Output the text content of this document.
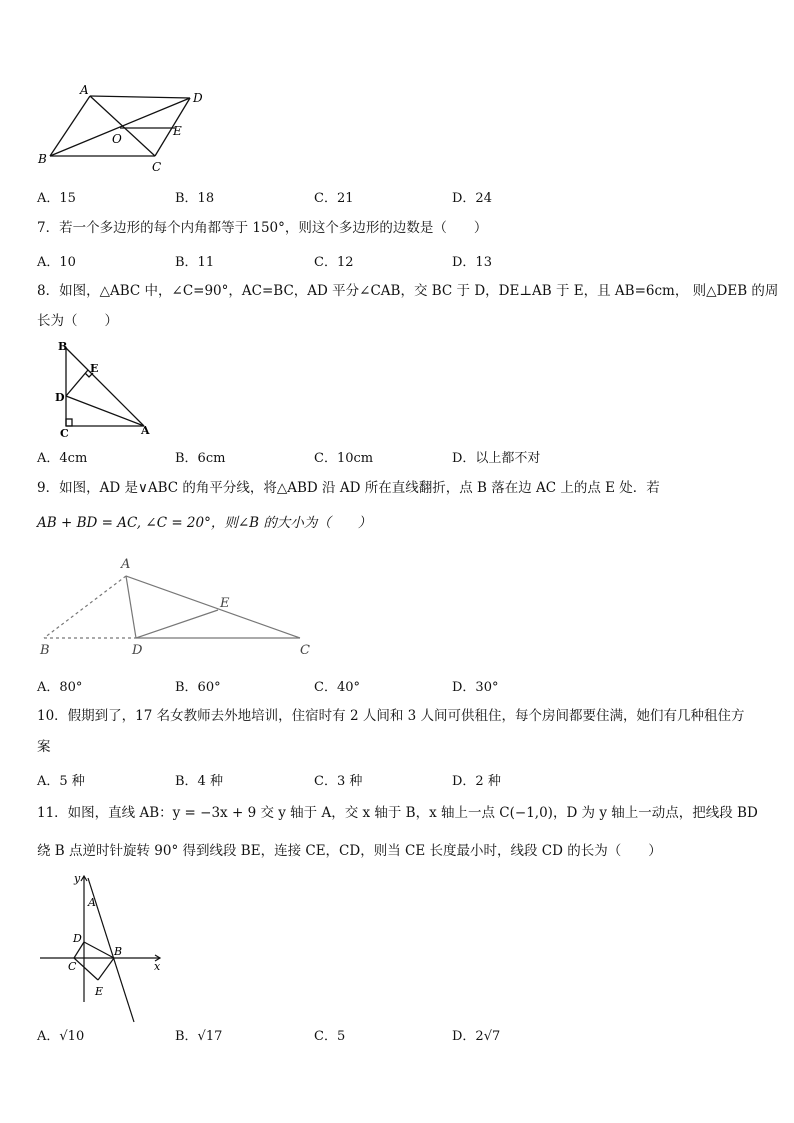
A
D
O
E
B
C
A．15	B．18	C．21	D．24
7．若一个多边形的每个内角都等于 150°，则这个多边形的边数是（　　）
A．10	B．11	C．12	D．13
8．如图，△ABC 中，∠C=90°，AC=BC，AD 平分∠CAB，交 BC 于 D，DE⊥AB 于 E，且 AB=6cm， 则△DEB 的周
长为（　　）
B
E
D
C	A
A．4cm	B．6cm	C．10cm	D．以上都不对
9．如图，AD 是∨ABC 的角平分线，将△ABD 沿 AD 所在直线翻折，点 B 落在边 AC 上的点 E 处．若
AB + BD = AC, ∠C = 20°，则∠B 的大小为（　　）
A
E
B	D	C
A．80°	B．60°	C．40°	D．30°
10．假期到了，17 名女教师去外地培训，住宿时有 2 人间和 3 人间可供租住，每个房间都要住满，她们有几种租住方
案
A．5 种	B．4 种	C．3 种	D．2 种
11．如图，直线 AB：y = −3x + 9 交 y 轴于 A，交 x 轴于 B，x 轴上一点 C(−1,0)，D 为 y 轴上一动点，把线段 BD
绕 B 点逆时针旋转 90° 得到线段 BE，连接 CE，CD，则当 CE 长度最小时，线段 CD 的长为（　　）
y
A
D
C
B
x
E
A．√10	B．√17	C．5	D．2√7
